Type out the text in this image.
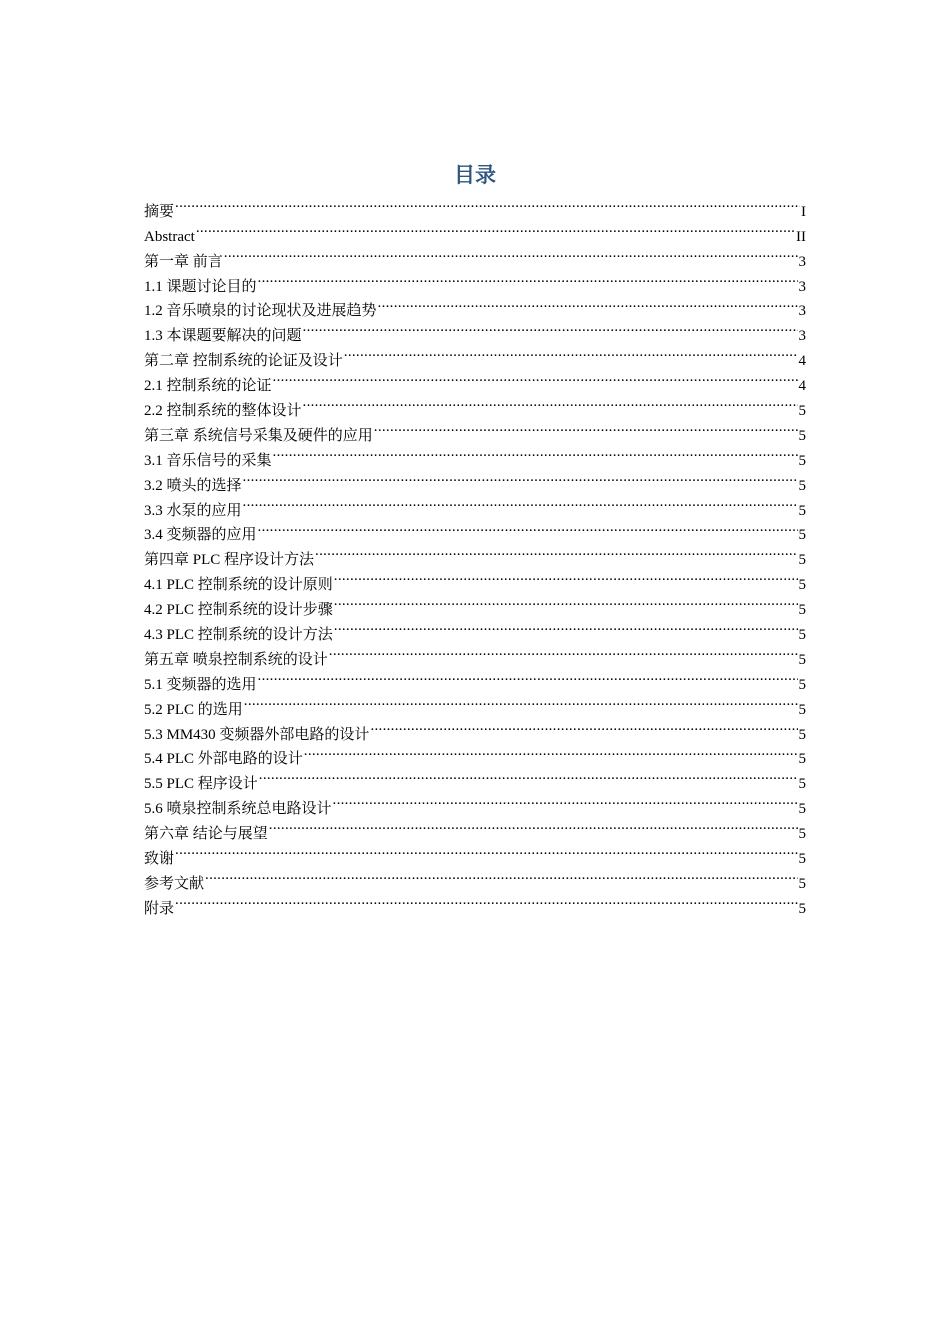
目录
摘要 .....	I
Abstract .....	II
第一章 前言 .....	3
1.1 课题讨论目的 .....	3
1.2 音乐喷泉的讨论现状及进展趋势 .....	3
1.3 本课题要解决的问题 .....	3
第二章 控制系统的论证及设计 .....	4
2.1 控制系统的论证 .....	4
2.2 控制系统的整体设计 .....	5
第三章 系统信号采集及硬件的应用 .....	5
3.1 音乐信号的采集 .....	5
3.2 喷头的选择 .....	5
3.3 水泵的应用 .....	5
3.4 变频器的应用 .....	5
第四章 PLC 程序设计方法 .....	5
4.1 PLC 控制系统的设计原则 .....	5
4.2 PLC 控制系统的设计步骤 .....	5
4.3 PLC 控制系统的设计方法 .....	5
第五章 喷泉控制系统的设计 .....	5
5.1 变频器的选用 .....	5
5.2 PLC 的选用 .....	5
5.3 MM430 变频器外部电路的设计 .....	5
5.4 PLC 外部电路的设计 .....	5
5.5 PLC 程序设计 .....	5
5.6 喷泉控制系统总电路设计 .....	5
第六章 结论与展望 .....	5
致谢 .....	5
参考文献 .....	5
附录 .....	5
